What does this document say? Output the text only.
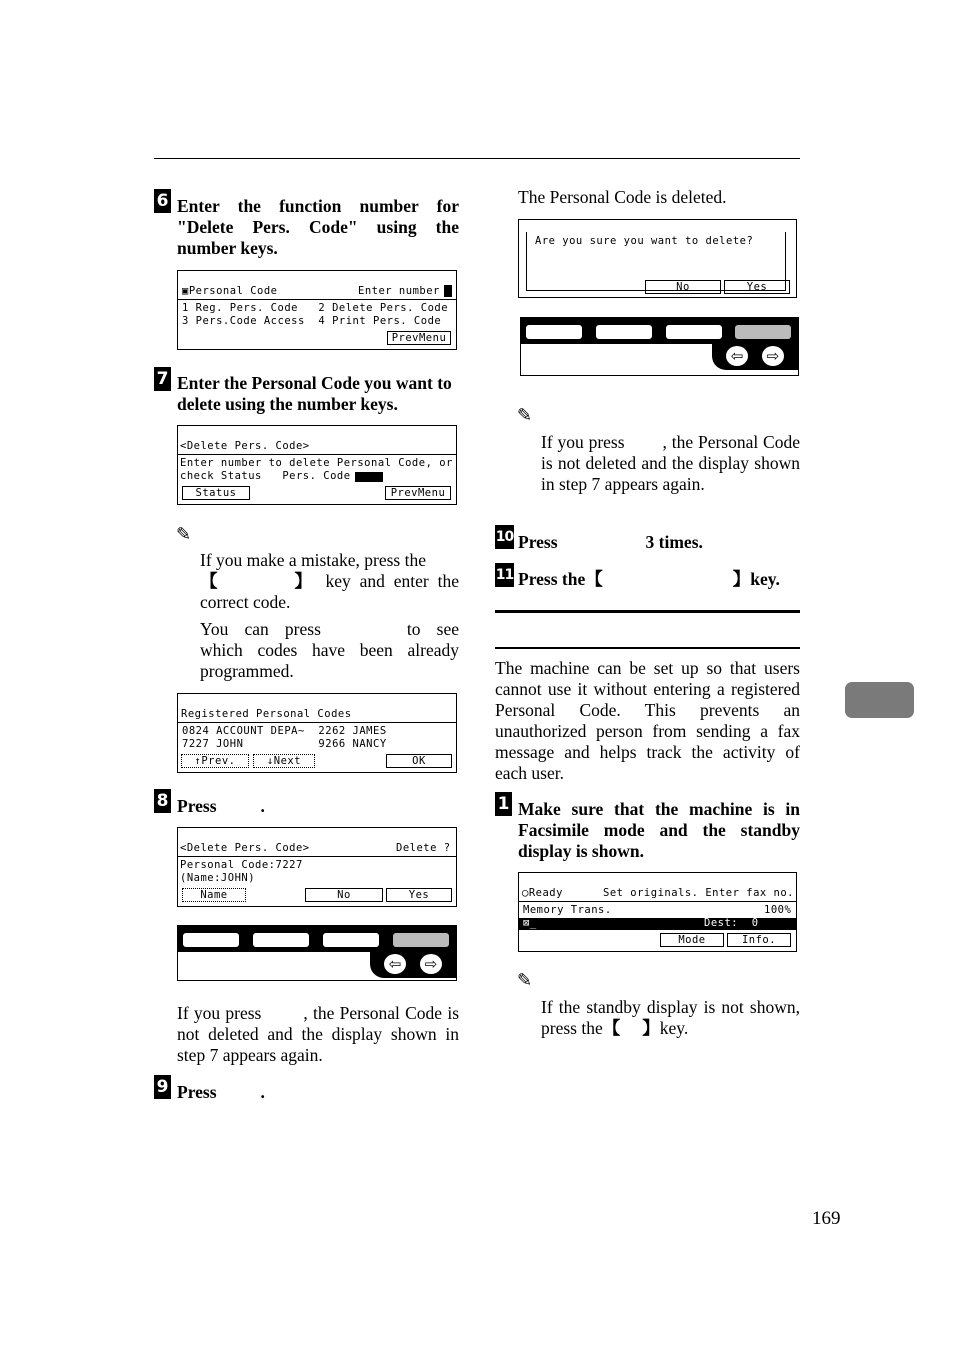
6 Enter the function number for "Delete Pers. Code" using the number keys.
▣Personal Code	Enter number
1 Reg. Pers. Code   2 Delete Pers. Code
3 Pers.Code Access  4 Print Pers. Code
PrevMenu
7 Enter the Personal Code you want to delete using the number keys.
<Delete Pers. Code>
Enter number to delete Personal Code, or
check Status   Pers. Code
Status	PrevMenu
✎
If you make a mistake, press the
【	】 key and enter the correct code.
You can press	to see which codes have been already programmed.
Registered Personal Codes
0824 ACCOUNT DEPA~  2262 JAMES
7227 JOHN           9266 NANCY
↑Prev.	↓Next	OK
8 Press	.
<Delete Pers. Code>	Delete ?
Personal Code:7227
(Name:JOHN)
Name	No	Yes
⇦	⇨
If you press , the Personal Code is not deleted and the display shown in step 7 appears again.
9 Press	.
The Personal Code is deleted.
Are you sure you want to delete?
No	Yes
⇦	⇨
✎
If you press , the Personal Code is not deleted and the display shown in step 7 appears again.
10 Press	3 times.
11 Press the【	】key.
The machine can be set up so that users cannot use it without entering a registered Personal Code. This prevents an unauthorized person from sending a fax message and helps track the activity of each user.
1 Make sure that the machine is in Facsimile mode and the standby display is shown.
◯Ready	Set originals. Enter fax no.
Memory Trans.	100%
⊠_	Dest:  0
Mode	Info.
✎
If the standby display is not shown, press the【 】key.
169
